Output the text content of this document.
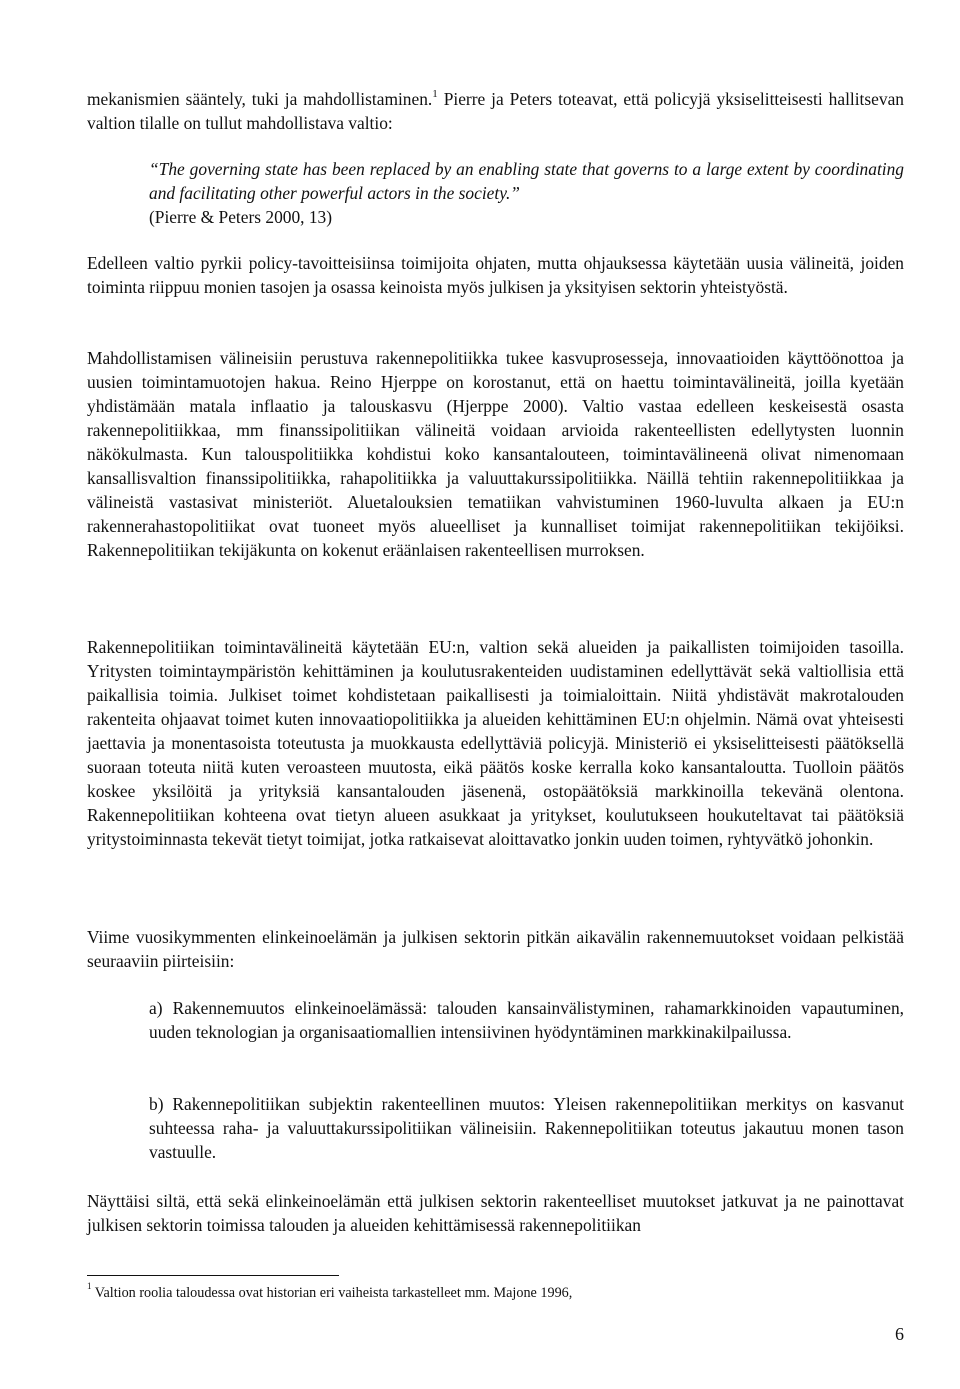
mekanismien sääntely, tuki ja mahdollistaminen.$^1$ Pierre ja Peters toteavat, että policyjä yksiselitteisesti hallitsevan valtion tilalle on tullut mahdollistava valtio:

“The governing state has been replaced by an enabling state that governs to a large extent by coordinating and facilitating other powerful actors in the society.”

(Pierre & Peters 2000, 13)

Edelleen valtio pyrkii policy-tavoitteisiinsa toimijoita ohjaten, mutta ohjauksessa käytetään uusia välineitä, joiden toiminta riippuu monien tasojen ja osassa keinoista myös julkisen ja yksityisen sektorin yhteistyöstä.

Mahdollistamisen välineisiin perustuva rakennepolitiikka tukee kasvuprosesseja, innovaatioiden käyttöönottoa ja uusien toimintamuotojen hakua. Reino Hjerppe on korostanut, että on haettu toimintavälineitä, joilla kyetään yhdistämään matala inflaatio ja talouskasvu (Hjerppe 2000). Valtio vastaa edelleen keskeisestä osasta rakennepolitiikkaa, mm finanssipolitiikan välineitä voidaan arvioida rakenteellisten edellytysten luonnin näkökulmasta. Kun talouspolitiikka kohdistui koko kansantalouteen, toimintavälineenä olivat nimenomaan kansallisvaltion finanssipolitiikka, rahapolitiikka ja valuuttakurssipolitiikka. Näillä tehtiin rakennepolitiikkaa ja välineistä vastasivat ministeriöt. Aluetalouksien tematiikan vahvistuminen 1960-luvulta alkaen ja EU:n rakennerahastopolitiikat ovat tuoneet myös alueelliset ja kunnalliset toimijat rakennepolitiikan tekijöiksi. Rakennepolitiikan tekijäkunta on kokenut eräänlaisen rakenteellisen murroksen.

Rakennepolitiikan toimintavälineitä käytetään EU:n, valtion sekä alueiden ja paikallisten toimijoiden tasoilla. Yritysten toimintaympäristön kehittäminen ja koulutusrakenteiden uudistaminen edellyttävät sekä valtiollisia että paikallisia toimia. Julkiset toimet kohdistetaan paikallisesti ja toimialoittain. Niitä yhdistävät makrotalouden rakenteita ohjaavat toimet kuten innovaatiopolitiikka ja alueiden kehittäminen EU:n ohjelmin. Nämä ovat yhteisesti jaettavia ja monentasoista toteutusta ja muokkausta edellyttäviä policyjä. Ministeriö ei yksiselitteisesti päätöksellä suoraan toteuta niitä kuten veroasteen muutosta, eikä päätös koske kerralla koko kansantaloutta. Tuolloin päätös koskee yksilöitä ja yrityksiä kansantalouden jäsenenä, ostopäätöksiä markkinoilla tekevänä olentona. Rakennepolitiikan kohteena ovat tietyn alueen asukkaat ja yritykset, koulutukseen houkuteltavat tai päätöksiä yritystoiminnasta tekevät tietyt toimijat, jotka ratkaisevat aloittavatko jonkin uuden toimen, ryhtyvätkö johonkin.

Viime vuosikymmenten elinkeinoelämän ja julkisen sektorin pitkän aikavälin rakennemuutokset voidaan pelkistää seuraaviin piirteisiin:

a) Rakennemuutos elinkeinoelämässä: talouden kansainvälistyminen, rahamarkkinoiden vapautuminen, uuden teknologian ja organisaatiomallien intensiivinen hyödyntäminen markkinakilpailussa.

b) Rakennepolitiikan subjektin rakenteellinen muutos: Yleisen rakennepolitiikan merkitys on kasvanut suhteessa raha- ja valuuttakurssipolitiikan välineisiin. Rakennepolitiikan toteutus jakautuu monen tason vastuulle.

Näyttäisi siltä, että sekä elinkeinoelämän että julkisen sektorin rakenteelliset muutokset jatkuvat ja ne painottavat julkisen sektorin toimissa talouden ja alueiden kehittämisessä rakennepolitiikan

$^1$ Valtion roolia taloudessa ovat historian eri vaiheista tarkastelleet mm. Majone 1996,
6
